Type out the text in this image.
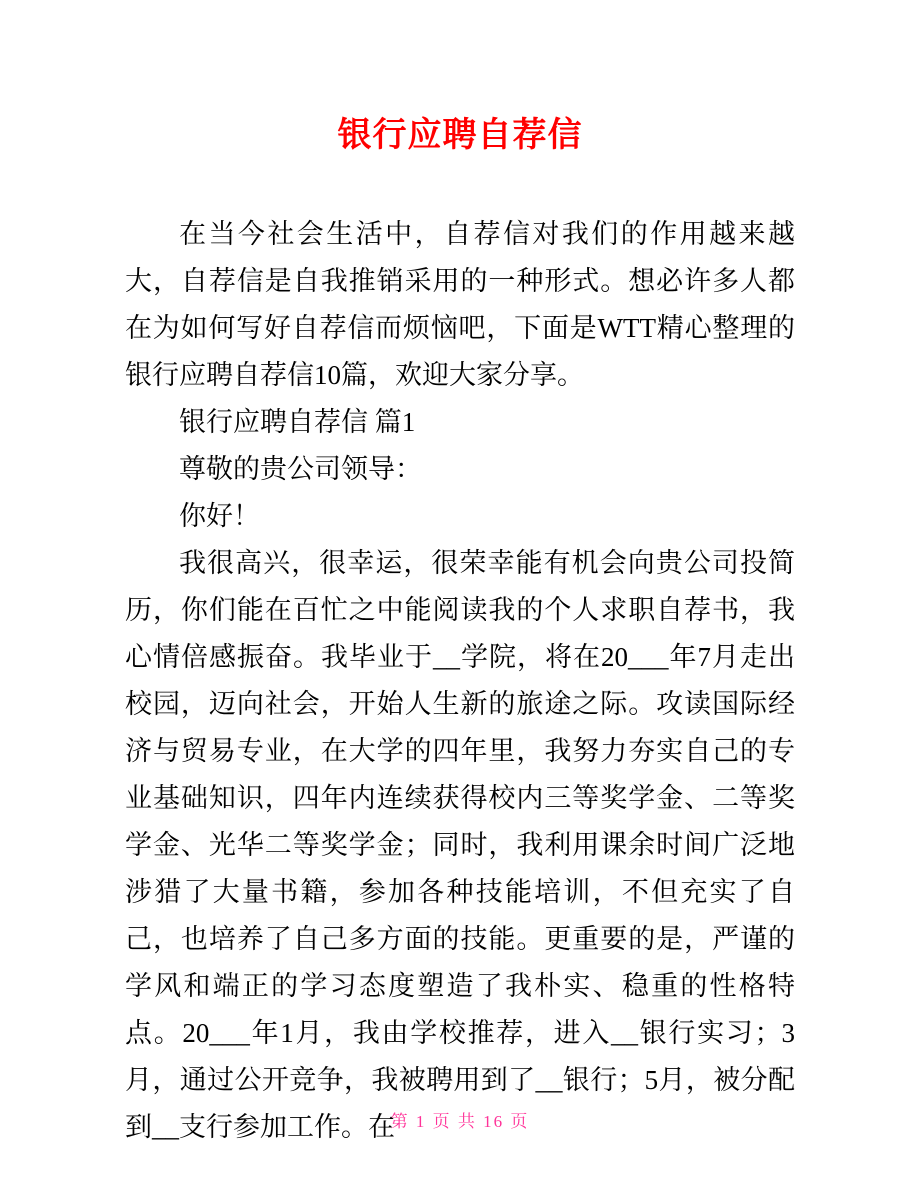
银行应聘自荐信

在当今社会生活中，自荐信对我们的作用越来越大，自荐信是自我推销采用的一种形式。想必许多人都在为如何写好自荐信而烦恼吧，下面是WTT精心整理的银行应聘自荐信10篇，欢迎大家分享。

银行应聘自荐信 篇1

尊敬的贵公司领导：

你好！

我很高兴，很幸运，很荣幸能有机会向贵公司投简历，你们能在百忙之中能阅读我的个人求职自荐书，我心情倍感振奋。我毕业于__学院，将在20___年7月走出校园，迈向社会，开始人生新的旅途之际。攻读国际经济与贸易专业，在大学的四年里，我努力夯实自己的专业基础知识，四年内连续获得校内三等奖学金、二等奖学金、光华二等奖学金；同时，我利用课余时间广泛地涉猎了大量书籍，参加各种技能培训，不但充实了自己，也培养了自己多方面的技能。更重要的是，严谨的学风和端正的学习态度塑造了我朴实、稳重的性格特点。20___年1月，我由学校推荐，进入__银行实习；3月，通过公开竞争，我被聘用到了__银行；5月，被分配到__支行参加工作。在

第 1 页 共 16 页
